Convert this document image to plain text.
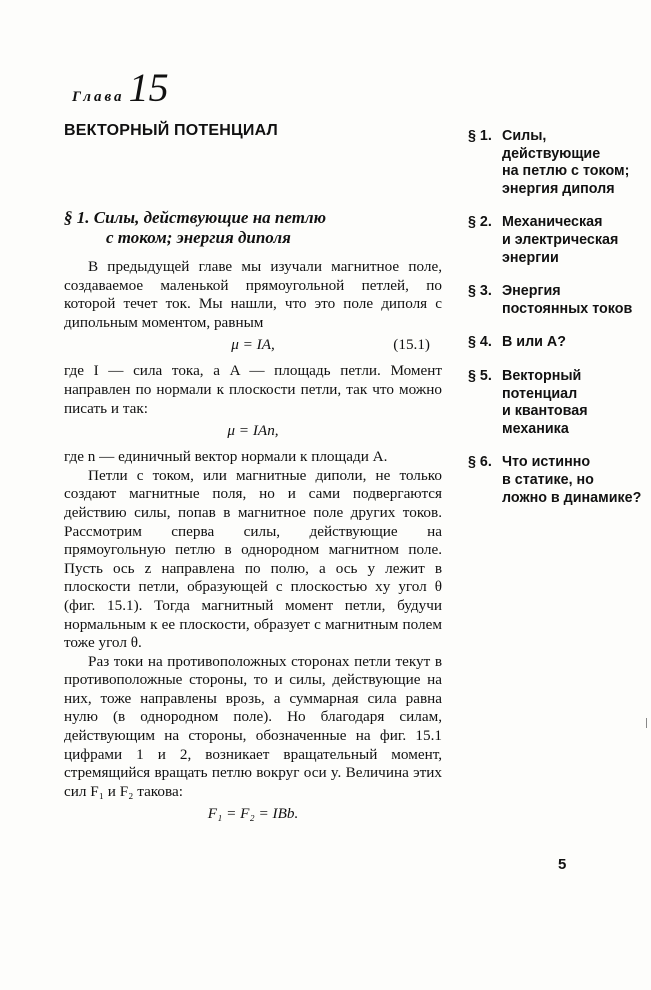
Глава 15
ВЕКТОРНЫЙ ПОТЕНЦИАЛ
§ 1. Силы, действующие на петлю
с током; энергия диполя

В предыдущей главе мы изучали магнитное поле, создаваемое маленькой прямоугольной петлей, по которой течет ток. Мы нашли, что это поле диполя с дипольным моментом, равным

μ = IA,	(15.1)

где I — сила тока, а A — площадь петли. Момент направлен по нормали к плоскости петли, так что можно писать и так:

μ = IAn,

где n — единичный вектор нормали к площади A.

Петли с током, или магнитные диполи, не только создают магнитные поля, но и сами подвергаются действию силы, попав в магнитное поле других токов. Рассмотрим сперва силы, действующие на прямоугольную петлю в однородном магнитном поле. Пусть ось z направлена по полю, а ось y лежит в плоскости петли, образующей с плоскостью xy угол θ (фиг. 15.1). Тогда магнитный момент петли, будучи нормальным к ее плоскости, образует с магнитным полем тоже угол θ.

Раз токи на противоположных сторонах петли текут в противоположные стороны, то и силы, действующие на них, тоже направлены врозь, а суммарная сила равна нулю (в однородном поле). Но благодаря силам, действующим на стороны, обозначенные на фиг. 15.1 цифрами 1 и 2, возникает вращательный момент, стремящийся вращать петлю вокруг оси y. Величина этих сил F₁ и F₂ такова:

F₁ = F₂ = IBb.
§ 1. Силы,
действующие
на петлю с током;
энергия диполя
§ 2. Механическая
и электрическая
энергии
§ 3. Энергия
постоянных токов
§ 4. B или A?
§ 5. Векторный
потенциал
и квантовая
механика
§ 6. Что истинно
в статике, но
ложно в динамике?
5
